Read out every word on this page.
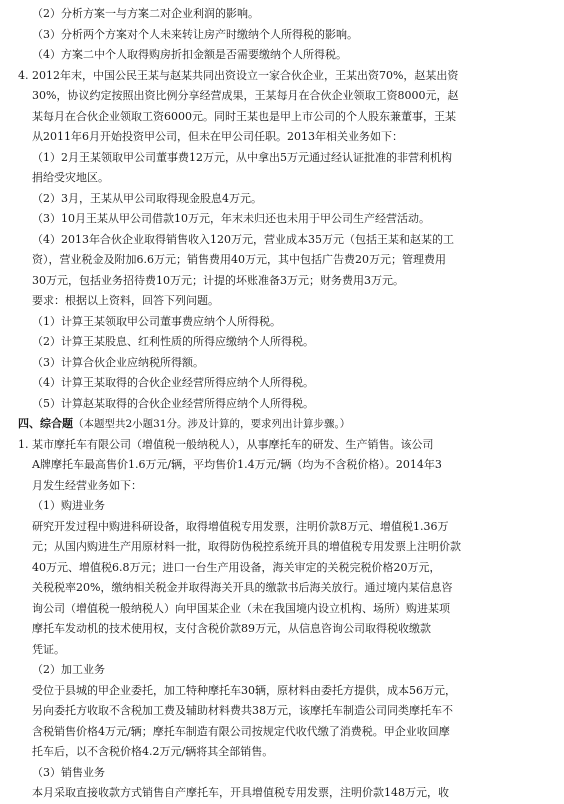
（2）分析方案一与方案二对企业利润的影响。
（3）分析两个方案对个人未来转让房产时缴纳个人所得税的影响。
（4）方案二中个人取得购房折扣金额是否需要缴纳个人所得税。
4. 2012年末，中国公民王某与赵某共同出资设立一家合伙企业，王某出资70%，赵某出资
30%，协议约定按照出资比例分享经营成果，王某每月在合伙企业领取工资8000元，赵
某每月在合伙企业领取工资6000元。同时王某也是甲上市公司的个人股东兼董事，王某
从2011年6月开始投资甲公司，但未在甲公司任职。2013年相关业务如下：
（1）2月王某领取甲公司董事费12万元，从中拿出5万元通过经认证批准的非营利机构
捐给受灾地区。
（2）3月，王某从甲公司取得现金股息4万元。
（3）10月王某从甲公司借款10万元，年末未归还也未用于甲公司生产经营活动。
（4）2013年合伙企业取得销售收入120万元，营业成本35万元（包括王某和赵某的工
资），营业税金及附加6.6万元；销售费用40万元，其中包括广告费20万元；管理费用
30万元，包括业务招待费10万元；计提的坏账准备3万元；财务费用3万元。
要求：根据以上资料，回答下列问题。
（1）计算王某领取甲公司董事费应纳个人所得税。
（2）计算王某股息、红利性质的所得应缴纳个人所得税。
（3）计算合伙企业应纳税所得额。
（4）计算王某取得的合伙企业经营所得应纳个人所得税。
（5）计算赵某取得的合伙企业经营所得应纳个人所得税。
四、综合题（本题型共2小题31分。涉及计算的，要求列出计算步骤。）
1. 某市摩托车有限公司（增值税一般纳税人），从事摩托车的研发、生产销售。该公司
A牌摩托车最高售价1.6万元/辆，平均售价1.4万元/辆（均为不含税价格）。2014年3
月发生经营业务如下：
（1）购进业务
研究开发过程中购进科研设备，取得增值税专用发票，注明价款8万元、增值税1.36万
元；从国内购进生产用原材料一批，取得防伪税控系统开具的增值税专用发票上注明价款
40万元、增值税6.8万元；进口一台生产用设备，海关审定的关税完税价格20万元，
关税税率20%，缴纳相关税金并取得海关开具的缴款书后海关放行。通过境内某信息咨
询公司（增值税一般纳税人）向甲国某企业（未在我国境内设立机构、场所）购进某项
摩托车发动机的技术使用权，支付含税价款89万元，从信息咨询公司取得税收缴款
凭证。
（2）加工业务
受位于县城的甲企业委托，加工特种摩托车30辆，原材料由委托方提供，成本56万元，
另向委托方收取不含税加工费及辅助材料费共38万元，该摩托车制造公司同类摩托车不
含税销售价格4万元/辆；摩托车制造有限公司按规定代收代缴了消费税。甲企业收回摩
托车后，以不含税价格4.2万元/辆将其全部销售。
（3）销售业务
本月采取直接收款方式销售自产摩托车，开具增值税专用发票，注明价款148万元，收
